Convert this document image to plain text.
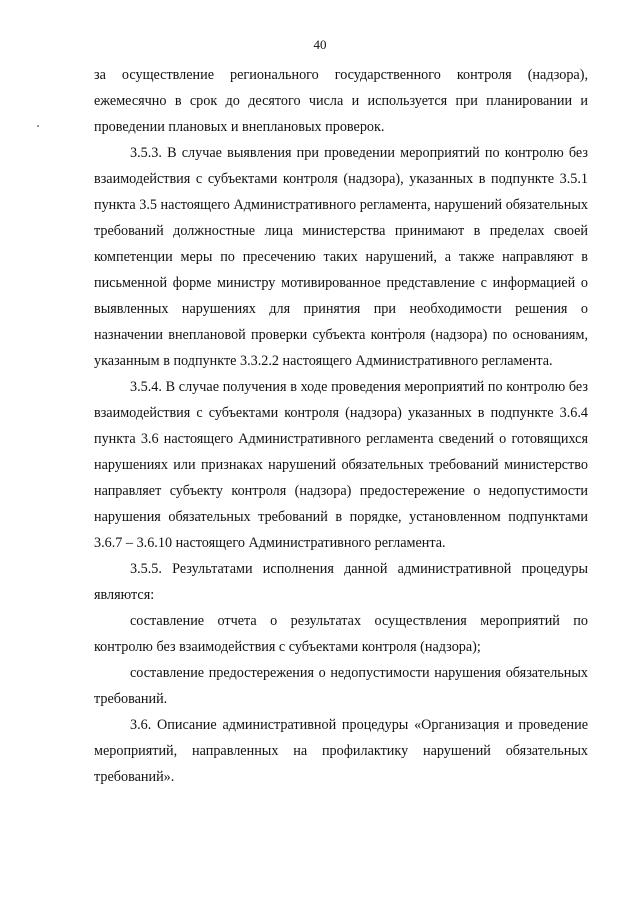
40

за осуществление регионального государственного контроля (надзора), ежемесячно в срок до десятого числа и используется при планировании и проведении плановых и внеплановых проверок.

3.5.3. В случае выявления при проведении мероприятий по контролю без взаимодействия с субъектами контроля (надзора), указанных в подпункте 3.5.1 пункта 3.5 настоящего Административного регламента, нарушений обязательных требований должностные лица министерства принимают в пределах своей компетенции меры по пресечению таких нарушений, а также направляют в письменной форме министру мотивированное представление с информацией о выявленных нарушениях для принятия при необходимости решения о назначении внеплановой проверки субъекта контроля (надзора) по основаниям, указанным в подпункте 3.3.2.2 настоящего Административного регламента.

3.5.4. В случае получения в ходе проведения мероприятий по контролю без взаимодействия с субъектами контроля (надзора) указанных в подпункте 3.6.4 пункта 3.6 настоящего Административного регламента сведений о готовящихся нарушениях или признаках нарушений обязательных требований министерство направляет субъекту контроля (надзора) предостережение о недопустимости нарушения обязательных требований в порядке, установленном подпунктами 3.6.7 – 3.6.10 настоящего Административного регламента.

3.5.5. Результатами исполнения данной административной процедуры являются:

составление отчета о результатах осуществления мероприятий по контролю без взаимодействия с субъектами контроля (надзора);

составление предостережения о недопустимости нарушения обязательных требований.

3.6. Описание административной процедуры «Организация и проведение мероприятий, направленных на профилактику нарушений обязательных требований».
